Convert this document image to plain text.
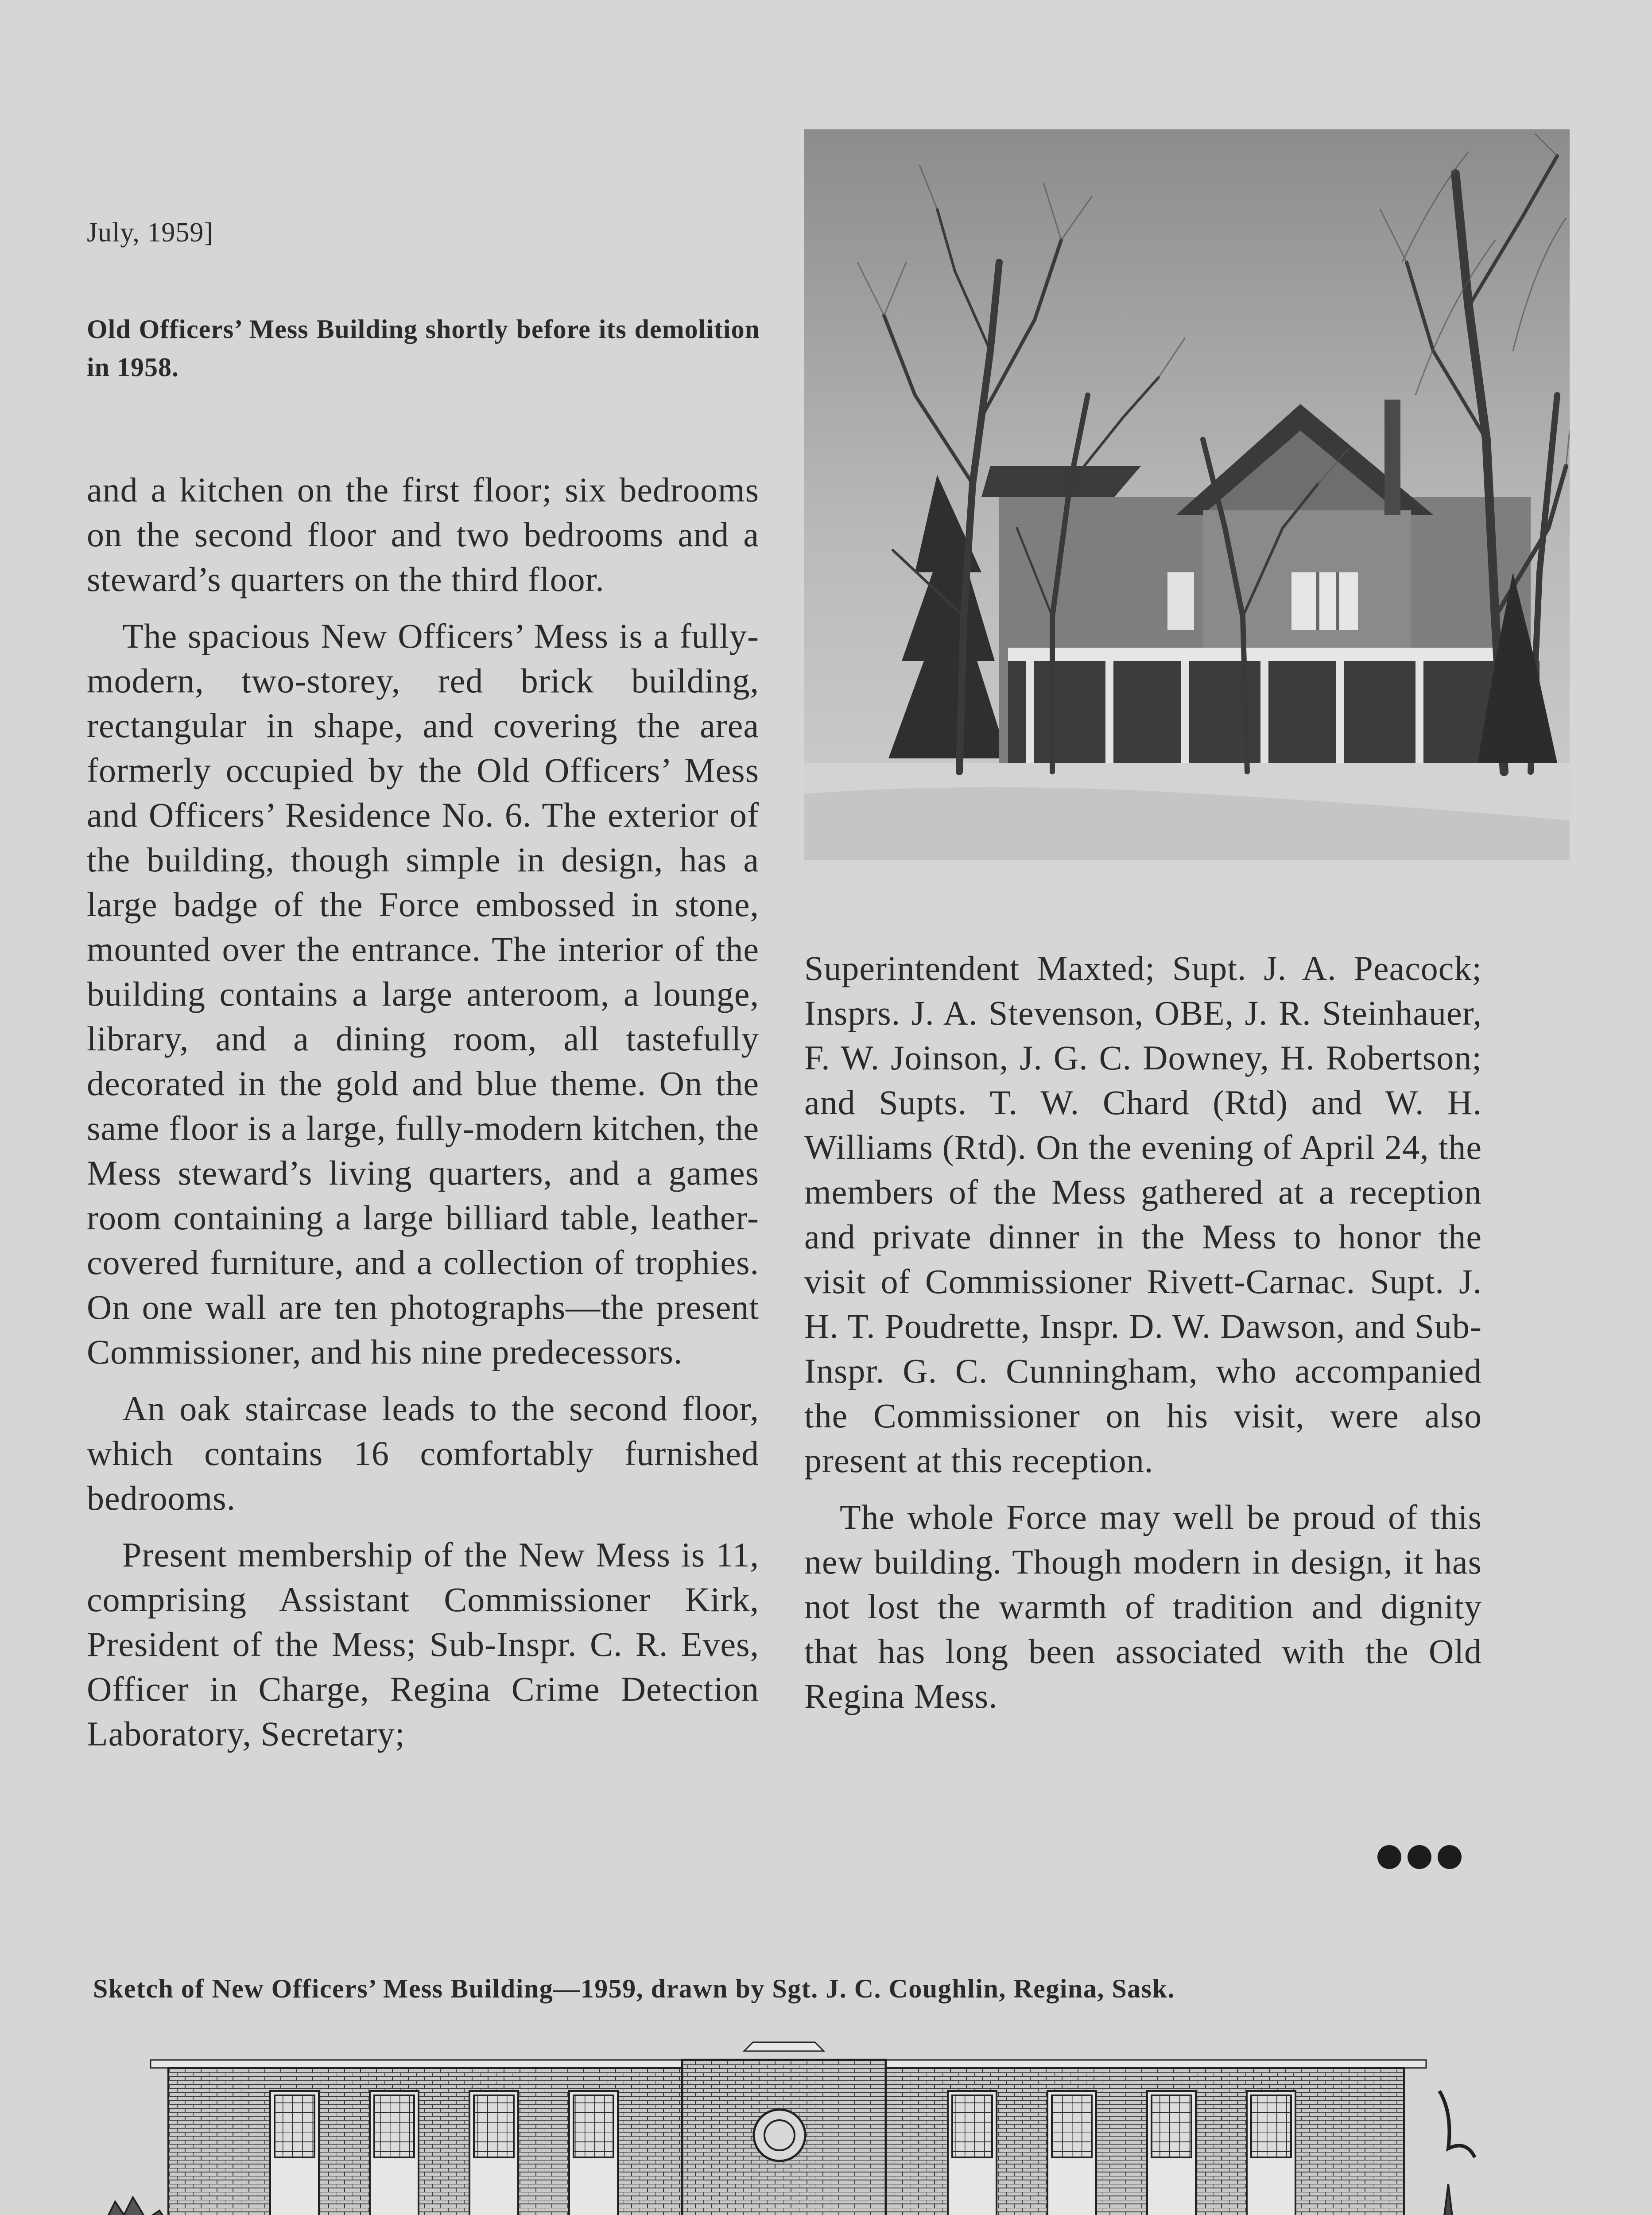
July, 1959]
Old Officers’ Mess Building shortly before its demolition in 1958.

and a kitchen on the first floor; six bedrooms on the second floor and two bedrooms and a steward’s quarters on the third floor.

The spacious New Officers’ Mess is a fully-modern, two-storey, red brick building, rectangular in shape, and covering the area formerly occupied by the Old Officers’ Mess and Officers’ Residence No. 6. The exterior of the building, though simple in design, has a large badge of the Force embossed in stone, mounted over the entrance. The interior of the building contains a large anteroom, a lounge, library, and a dining room, all tastefully decorated in the gold and blue theme. On the same floor is a large, fully-modern kitchen, the Mess steward’s living quarters, and a games room containing a large billiard table, leather-covered furniture, and a collection of trophies. On one wall are ten photographs—the present Commissioner, and his nine predecessors.

An oak staircase leads to the second floor, which contains 16 comfortably furnished bedrooms.

Present membership of the New Mess is 11, comprising Assistant Commissioner Kirk, President of the Mess; Sub-Inspr. C. R. Eves, Officer in Charge, Regina Crime Detection Laboratory, Secretary;

Superintendent Maxted; Supt. J. A. Peacock; Insprs. J. A. Stevenson, OBE, J. R. Steinhauer, F. W. Joinson, J. G. C. Downey, H. Robertson; and Supts. T. W. Chard (Rtd) and W. H. Williams (Rtd). On the evening of April 24, the members of the Mess gathered at a reception and private dinner in the Mess to honor the visit of Commissioner Rivett-Carnac. Supt. J. H. T. Poudrette, Inspr. D. W. Dawson, and Sub-Inspr. G. C. Cunningham, who accompanied the Commissioner on his visit, were also present at this reception.

The whole Force may well be proud of this new building. Though modern in design, it has not lost the warmth of tradition and dignity that has long been associated with the Old Regina Mess.

Sketch of New Officers’ Mess Building—1959, drawn by Sgt. J. C. Coughlin, Regina, Sask.
